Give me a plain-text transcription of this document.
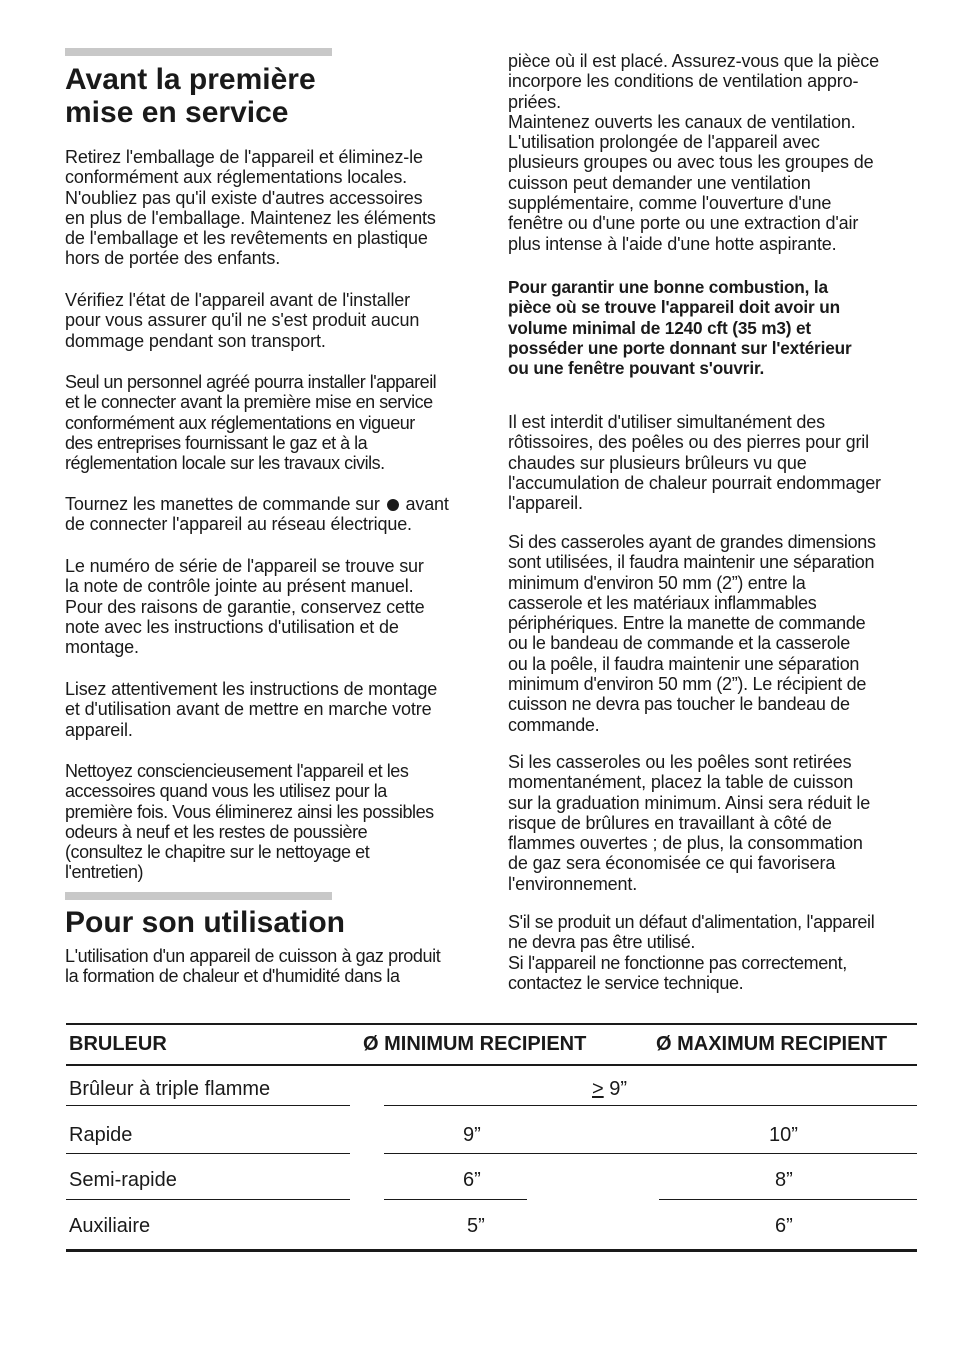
Avant la première
mise en service

Retirez l'emballage de l'appareil et éliminez-le
conformément aux réglementations locales.
N'oubliez pas qu'il existe d'autres accessoires
en plus de l'emballage. Maintenez les éléments
de l'emballage et les revêtements en plastique
hors de portée des enfants.

Vérifiez l'état de l'appareil avant de l'installer
pour vous assurer qu'il ne s'est produit aucun
dommage pendant son transport.

Seul un personnel agréé pourra installer l'appareil
et le connecter avant la première mise en service
conformément aux réglementations en vigueur
des entreprises fournissant le gaz et à la
réglementation locale sur les travaux civils.

Tournez les manettes de commande sur avant
de connecter l'appareil au réseau électrique.

Le numéro de série de l'appareil se trouve sur
la note de contrôle jointe au présent manuel.
Pour des raisons de garantie, conservez cette
note avec les instructions d'utilisation et de
montage.

Lisez attentivement les instructions de montage
et d'utilisation avant de mettre en marche votre
appareil.

Nettoyez consciencieusement l'appareil et les
accessoires quand vous les utilisez pour la
première fois. Vous éliminerez ainsi les possibles
odeurs à neuf et les restes de poussière
(consultez le chapitre sur le nettoyage et
l'entretien)

Pour son utilisation

L'utilisation d'un appareil de cuisson à gaz produit
la formation de chaleur et d'humidité dans la

pièce où il est placé. Assurez-vous que la pièce
incorpore les conditions de ventilation appro-
priées.
Maintenez ouverts les canaux de ventilation.
L'utilisation prolongée de l'appareil avec
plusieurs groupes ou avec tous les groupes de
cuisson peut demander une ventilation
supplémentaire, comme l'ouverture d'une
fenêtre ou d'une porte ou une extraction d'air
plus intense à l'aide d'une hotte aspirante.

Pour garantir une bonne combustion, la
pièce où se trouve l'appareil doit avoir un
volume minimal de 1240 cft (35 m3) et
posséder une porte donnant sur l'extérieur
ou une fenêtre pouvant s'ouvrir.

Il est interdit d'utiliser simultanément des
rôtissoires, des poêles ou des pierres pour gril
chaudes sur plusieurs brûleurs vu que
l'accumulation de chaleur pourrait endommager
l'appareil.

Si des casseroles ayant de grandes dimensions
sont utilisées, il faudra maintenir une séparation
minimum d'environ 50 mm (2”) entre la
casserole et les matériaux inflammables
périphériques. Entre la manette de commande
ou le bandeau de commande et la casserole
ou la poêle, il faudra maintenir une séparation
minimum d'environ 50 mm (2”). Le récipient de
cuisson ne devra pas toucher le bandeau de
commande.

Si les casseroles ou les poêles sont retirées
momentanément, placez la table de cuisson
sur la graduation minimum. Ainsi sera réduit le
risque de brûlures en travaillant à côté de
flammes ouvertes ; de plus, la consommation
de gaz sera économisée ce qui favorisera
l'environnement.

S'il se produit un défaut d'alimentation, l'appareil
ne devra pas être utilisé.
Si l'appareil ne fonctionne pas correctement,
contactez le service technique.

BRULEUR	Ø MINIMUM RECIPIENT	Ø MAXIMUM RECIPIENT
Brûleur à triple flamme	≥ 9”
Rapide	9”	10”
Semi-rapide	6”	8”
Auxiliaire	5”	6”
